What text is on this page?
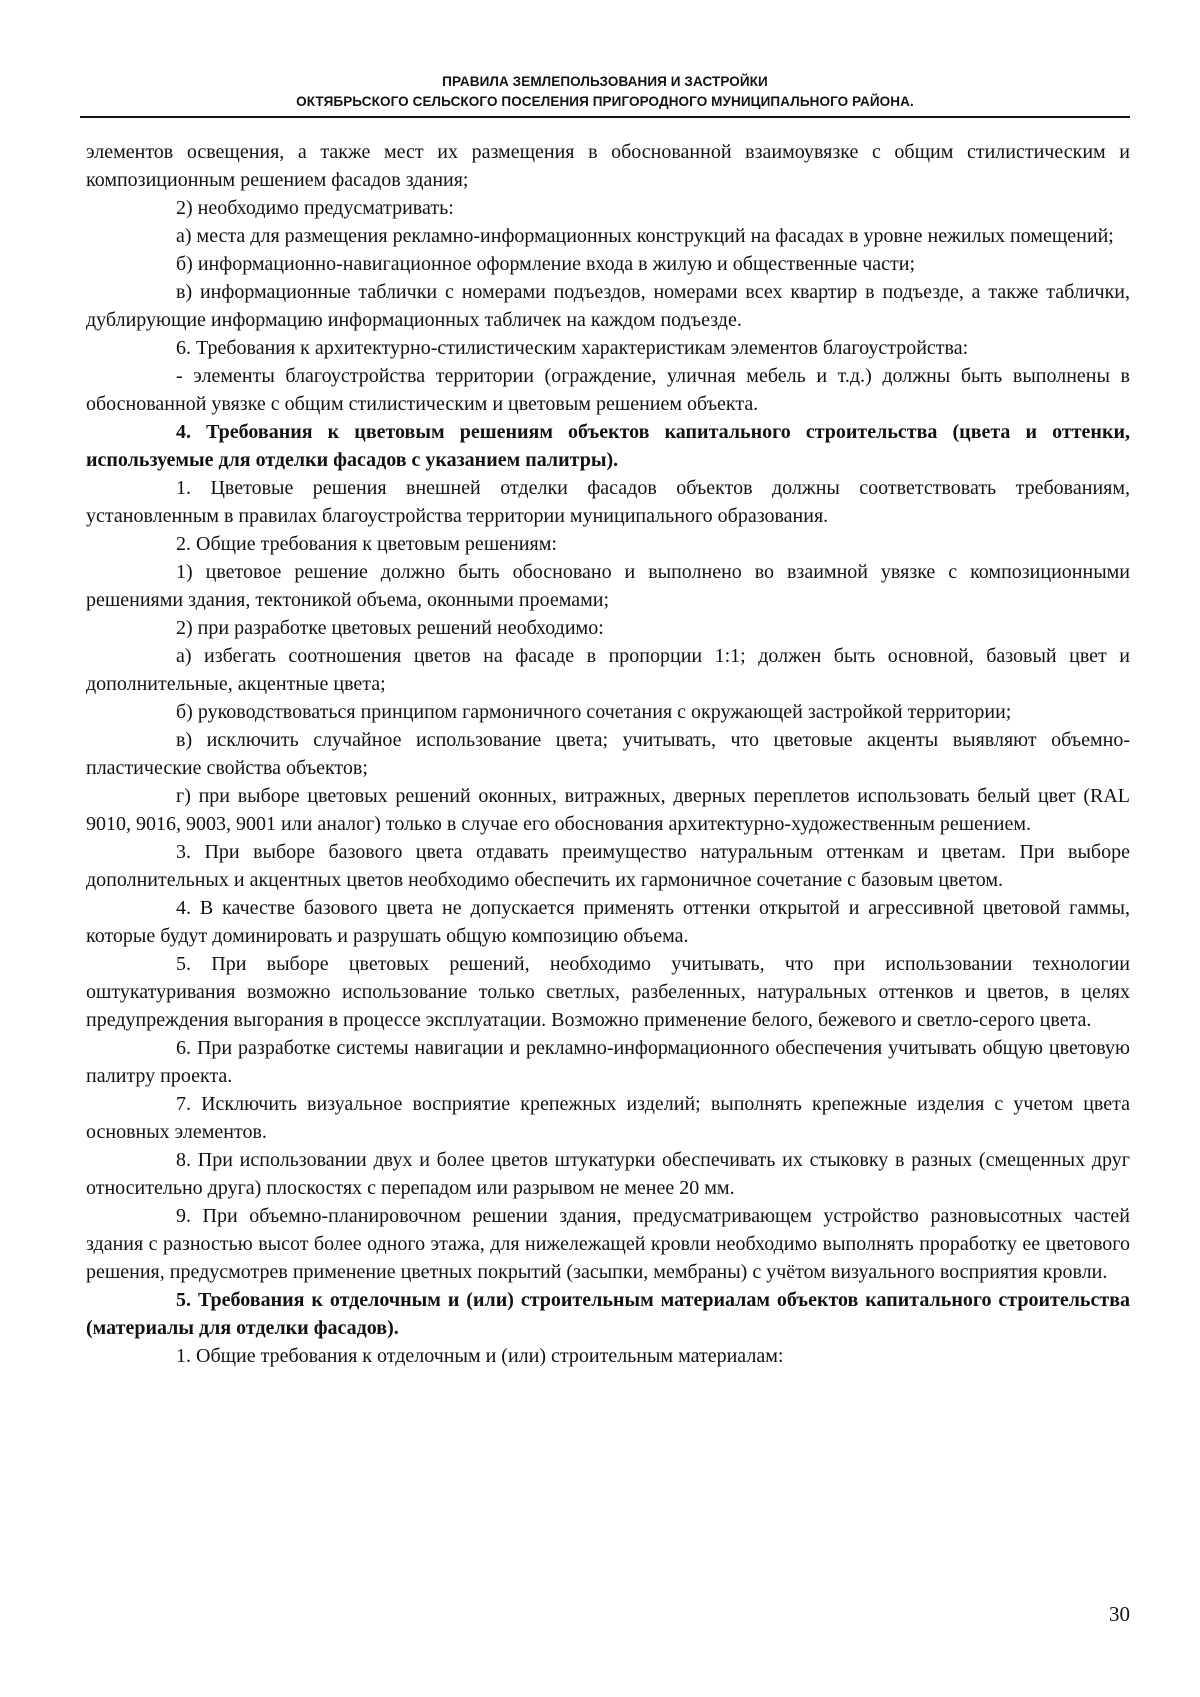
ПРАВИЛА ЗЕМЛЕПОЛЬЗОВАНИЯ И ЗАСТРОЙКИ
ОКТЯБРЬСКОГО СЕЛЬСКОГО ПОСЕЛЕНИЯ ПРИГОРОДНОГО МУНИЦИПАЛЬНОГО РАЙОНА.

элементов освещения, а также мест их размещения в обоснованной взаимоувязке с общим стилистическим и композиционным решением фасадов здания;

2) необходимо предусматривать:

а) места для размещения рекламно-информационных конструкций на фасадах в уровне нежилых помещений;

б) информационно-навигационное оформление входа в жилую и общественные части;

в) информационные таблички с номерами подъездов, номерами всех квартир в подъезде, а также таблички, дублирующие информацию информационных табличек на каждом подъезде.

6. Требования к архитектурно-стилистическим характеристикам элементов благоустройства:

- элементы благоустройства территории (ограждение, уличная мебель и т.д.) должны быть выполнены в обоснованной увязке с общим стилистическим и цветовым решением объекта.

4. Требования к цветовым решениям объектов капитального строительства (цвета и оттенки, используемые для отделки фасадов с указанием палитры).

1. Цветовые решения внешней отделки фасадов объектов должны соответствовать требованиям, установленным в правилах благоустройства территории муниципального образования.

2. Общие требования к цветовым решениям:

1) цветовое решение должно быть обосновано и выполнено во взаимной увязке с композиционными решениями здания, тектоникой объема, оконными проемами;

2) при разработке цветовых решений необходимо:

а) избегать соотношения цветов на фасаде в пропорции 1:1; должен быть основной, базовый цвет и дополнительные, акцентные цвета;

б) руководствоваться принципом гармоничного сочетания с окружающей застройкой территории;

в) исключить случайное использование цвета; учитывать, что цветовые акценты выявляют объемно-пластические свойства объектов;

г) при выборе цветовых решений оконных, витражных, дверных переплетов использовать белый цвет (RAL 9010, 9016, 9003, 9001 или аналог) только в случае его обоснования архитектурно-художественным решением.

3. При выборе базового цвета отдавать преимущество натуральным оттенкам и цветам. При выборе дополнительных и акцентных цветов необходимо обеспечить их гармоничное сочетание с базовым цветом.

4. В качестве базового цвета не допускается применять оттенки открытой и агрессивной цветовой гаммы, которые будут доминировать и разрушать общую композицию объема.

5. При выборе цветовых решений, необходимо учитывать, что при использовании технологии оштукатуривания возможно использование только светлых, разбеленных, натуральных оттенков и цветов, в целях предупреждения выгорания в процессе эксплуатации. Возможно применение белого, бежевого и светло-серого цвета.

6. При разработке системы навигации и рекламно-информационного обеспечения учитывать общую цветовую палитру проекта.

7. Исключить визуальное восприятие крепежных изделий; выполнять крепежные изделия с учетом цвета основных элементов.

8. При использовании двух и более цветов штукатурки обеспечивать их стыковку в разных (смещенных друг относительно друга) плоскостях с перепадом или разрывом не менее 20 мм.

9. При объемно-планировочном решении здания, предусматривающем устройство разновысотных частей здания с разностью высот более одного этажа, для нижележащей кровли необходимо выполнять проработку ее цветового решения, предусмотрев применение цветных покрытий (засыпки, мембраны) с учётом визуального восприятия кровли.

5. Требования к отделочным и (или) строительным материалам объектов капитального строительства (материалы для отделки фасадов).

1. Общие требования к отделочным и (или) строительным материалам:

30
